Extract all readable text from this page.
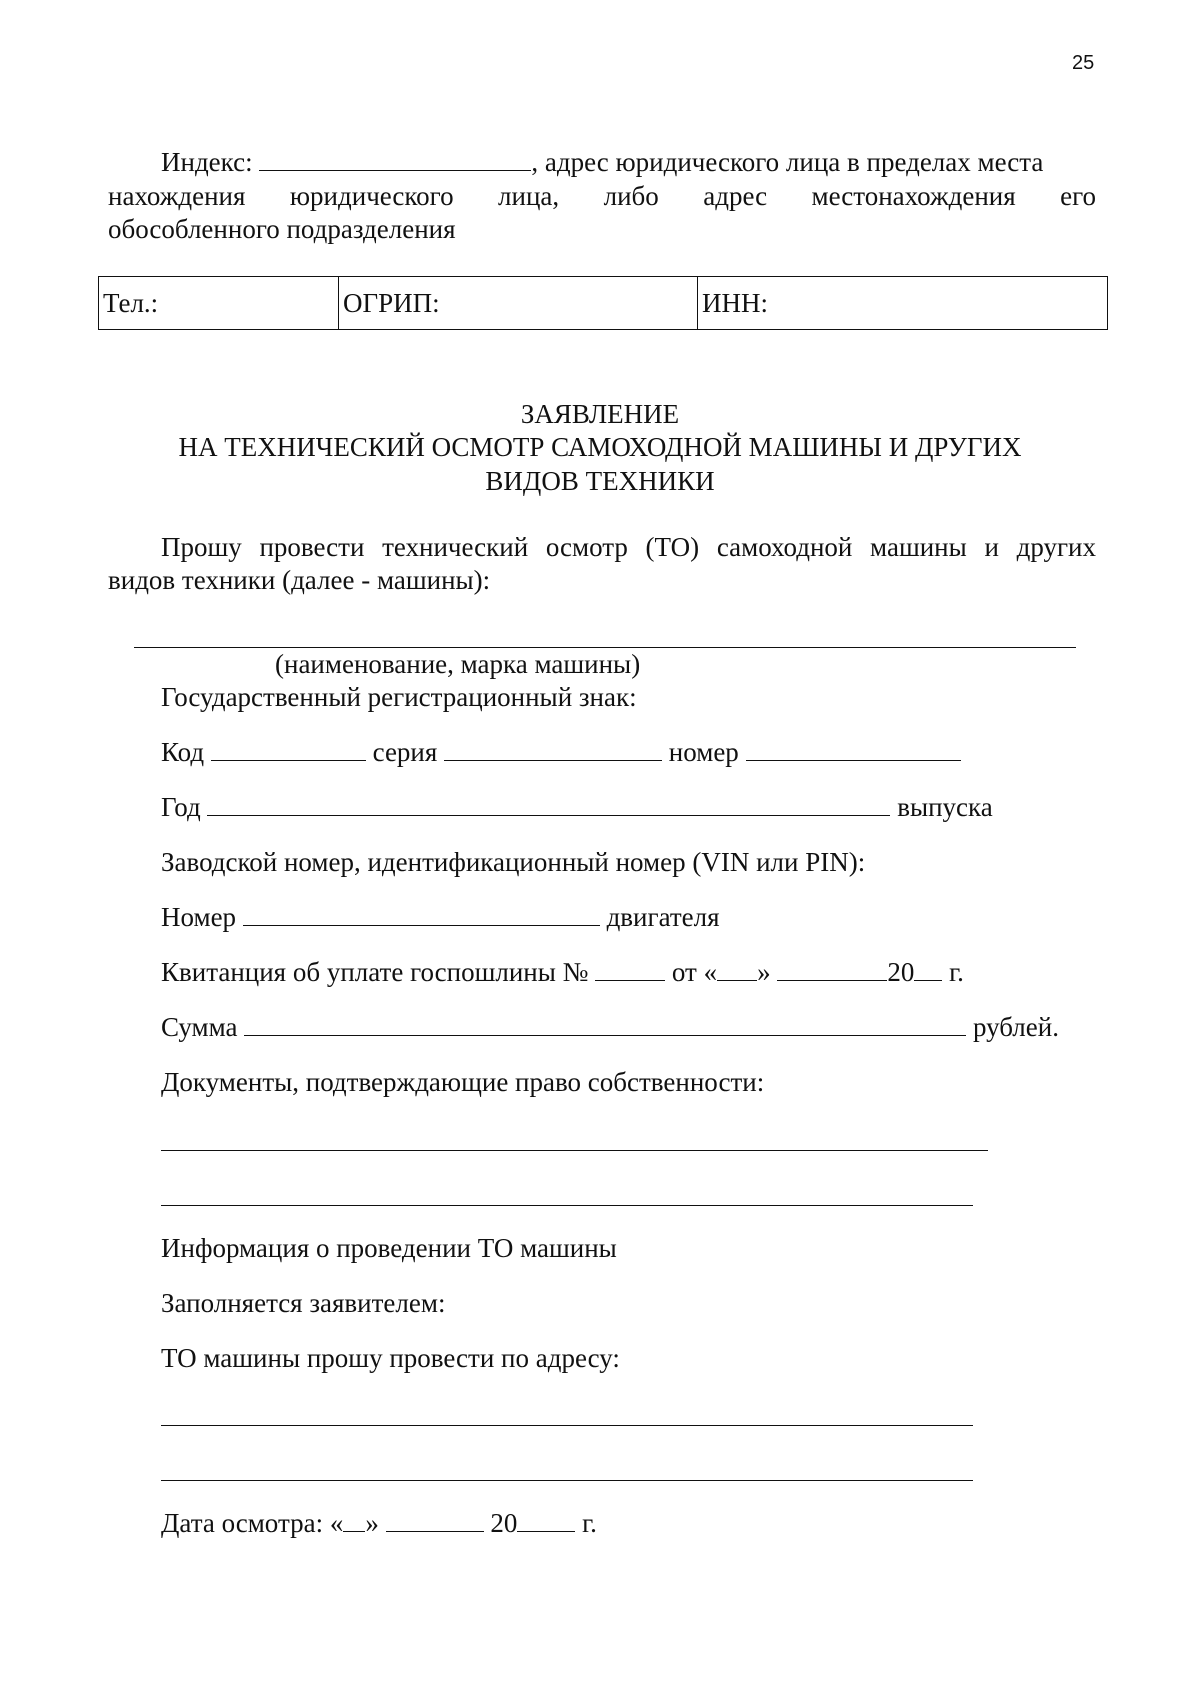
25
Индекс:	, адрес юридического лица в пределах места
нахождения юридического лица, либо адрес местонахождения его
обособленного подразделения
Тел.:	ОГРИП:	ИНН:
ЗАЯВЛЕНИЕ
НА ТЕХНИЧЕСКИЙ ОСМОТР САМОХОДНОЙ МАШИНЫ И ДРУГИХ
ВИДОВ ТЕХНИКИ
Прошу провести технический осмотр (ТО) самоходной машины и других
видов техники (далее - машины):
(наименование, марка машины)
Государственный регистрационный знак:
Код	серия	номер
Год	выпуска
Заводской номер, идентификационный номер (VIN или PIN):
Номер	двигателя
Квитанция об уплате госпошлины №	от « »	20 г.
Сумма	рублей.
Документы, подтверждающие право собственности:
Информация о проведении ТО машины
Заполняется заявителем:
ТО машины прошу провести по адресу:
Дата осмотра: « »	20 г.
